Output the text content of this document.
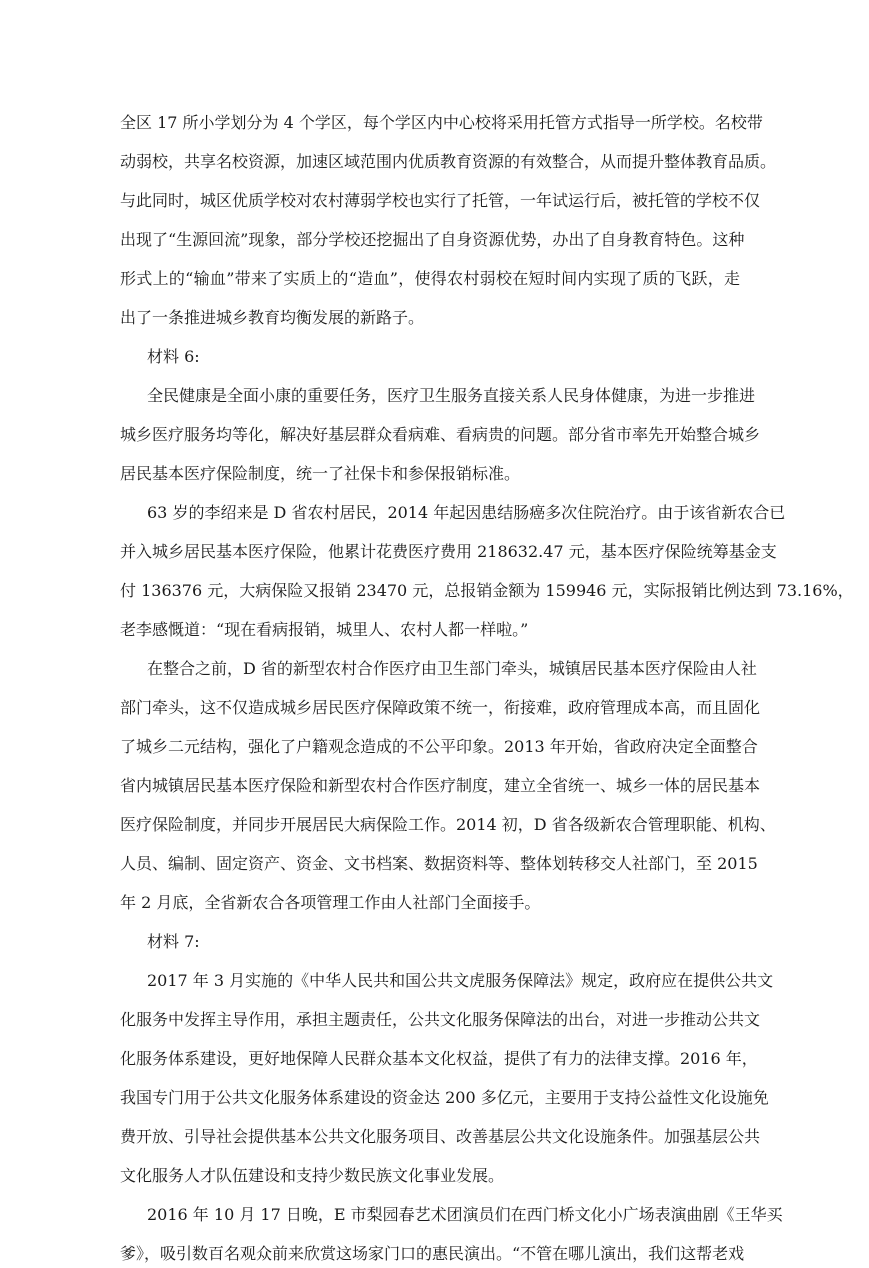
全区 17 所小学划分为 4 个学区，每个学区内中心校将采用托管方式指导一所学校。名校带
动弱校，共享名校资源，加速区域范围内优质教育资源的有效整合，从而提升整体教育品质。
与此同时，城区优质学校对农村薄弱学校也实行了托管，一年试运行后，被托管的学校不仅
出现了“生源回流”现象，部分学校还挖掘出了自身资源优势，办出了自身教育特色。这种
形式上的“输血”带来了实质上的“造血”，使得农村弱校在短时间内实现了质的飞跃，走
出了一条推进城乡教育均衡发展的新路子。
材料 6:
全民健康是全面小康的重要任务，医疗卫生服务直接关系人民身体健康，为进一步推进
城乡医疗服务均等化，解决好基层群众看病难、看病贵的问题。部分省市率先开始整合城乡
居民基本医疗保险制度，统一了社保卡和参保报销标准。
63 岁的李绍来是 D 省农村居民，2014 年起因患结肠癌多次住院治疗。由于该省新农合已
并入城乡居民基本医疗保险，他累计花费医疗费用 218632.47 元，基本医疗保险统筹基金支
付 136376 元，大病保险又报销 23470 元，总报销金额为 159946 元，实际报销比例达到 73.16%，
老李感慨道：“现在看病报销，城里人、农村人都一样啦。”
在整合之前，D 省的新型农村合作医疗由卫生部门牵头，城镇居民基本医疗保险由人社
部门牵头，这不仅造成城乡居民医疗保障政策不统一，衔接难，政府管理成本高，而且固化
了城乡二元结构，强化了户籍观念造成的不公平印象。2013 年开始，省政府决定全面整合
省内城镇居民基本医疗保险和新型农村合作医疗制度，建立全省统一、城乡一体的居民基本
医疗保险制度，并同步开展居民大病保险工作。2014 初，D 省各级新农合管理职能、机构、
人员、编制、固定资产、资金、文书档案、数据资料等、整体划转移交人社部门，至 2015
年 2 月底，全省新农合各项管理工作由人社部门全面接手。
材料 7:
2017 年 3 月实施的《中华人民共和国公共文虎服务保障法》规定，政府应在提供公共文
化服务中发挥主导作用，承担主题责任，公共文化服务保障法的出台，对进一步推动公共文
化服务体系建设，更好地保障人民群众基本文化权益，提供了有力的法律支撑。2016 年，
我国专门用于公共文化服务体系建设的资金达 200 多亿元，主要用于支持公益性文化设施免
费开放、引导社会提供基本公共文化服务项目、改善基层公共文化设施条件。加强基层公共
文化服务人才队伍建设和支持少数民族文化事业发展。
2016 年 10 月 17 日晚，E 市梨园春艺术团演员们在西门桥文化小广场表演曲剧《王华买
爹》，吸引数百名观众前来欣赏这场家门口的惠民演出。“不管在哪儿演出，我们这帮老戏
